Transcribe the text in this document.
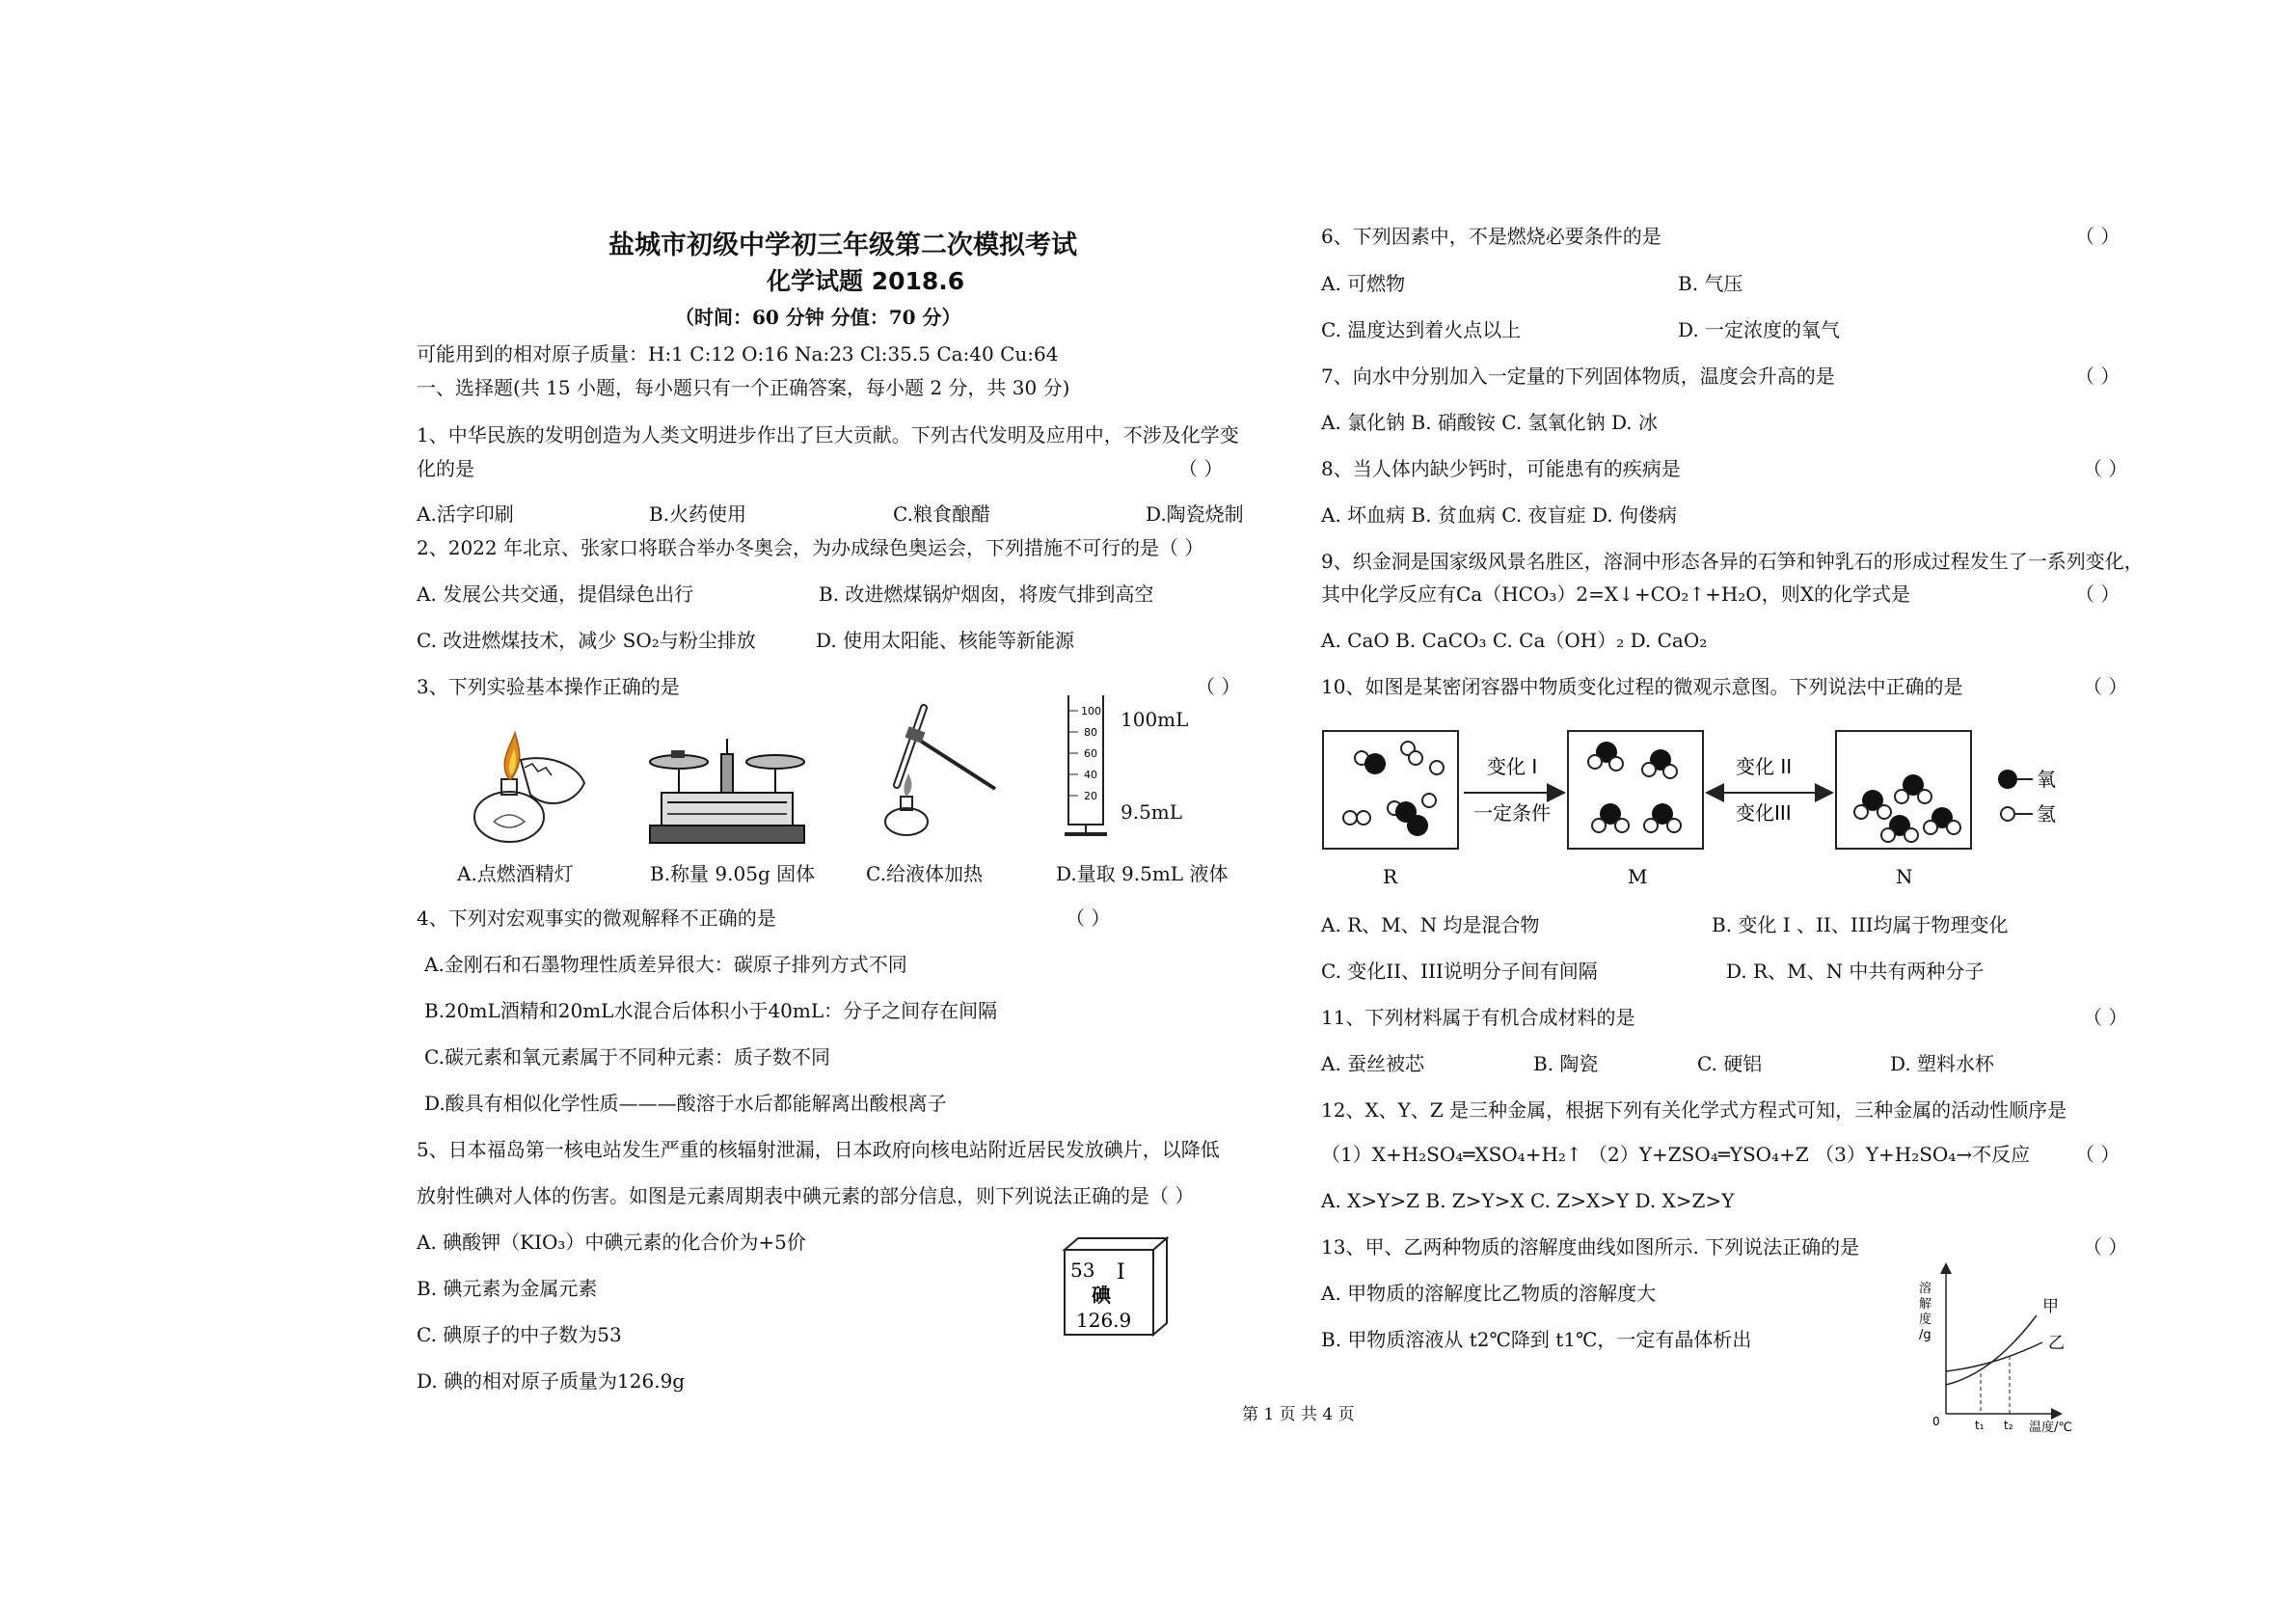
盐城市初级中学初三年级第二次模拟考试
化学试题 2018.6
（时间：60 分钟 分值：70 分）
可能用到的相对原子质量：H:1 C:12 O:16 Na:23 Cl:35.5 Ca:40 Cu:64
一、选择题(共 15 小题，每小题只有一个正确答案，每小题 2 分，共 30 分)
1、中华民族的发明创造为人类文明进步作出了巨大贡献。下列古代发明及应用中，不涉及化学变
化的是	（ ）
A.活字印刷	B.火药使用	C.粮食酿醋	D.陶瓷烧制
2、2022 年北京、张家口将联合举办冬奥会，为办成绿色奥运会，下列措施不可行的是（ ）
A. 发展公共交通，提倡绿色出行	B. 改进燃煤锅炉烟囱，将废气排到高空
C. 改进燃煤技术，减少 SO₂与粉尘排放	D. 使用太阳能、核能等新能源
3、下列实验基本操作正确的是	（ ）
100
80
60
40
20
100mL
9.5mL
A.点燃酒精灯	B.称量 9.05g 固体	C.给液体加热	D.量取 9.5mL 液体
4、下列对宏观事实的微观解释不正确的是	（ ）
A.金刚石和石墨物理性质差异很大：碳原子排列方式不同
B.20mL酒精和20mL水混合后体积小于40mL：分子之间存在间隔
C.碳元素和氧元素属于不同种元素：质子数不同
D.酸具有相似化学性质———酸溶于水后都能解离出酸根离子
5、日本福岛第一核电站发生严重的核辐射泄漏，日本政府向核电站附近居民发放碘片，以降低
放射性碘对人体的伤害。如图是元素周期表中碘元素的部分信息，则下列说法正确的是（ ）
A. 碘酸钾（KIO₃）中碘元素的化合价为+5价
B. 碘元素为金属元素
C. 碘原子的中子数为53
D. 碘的相对原子质量为126.9g
53 I
碘
126.9
第 1 页 共 4 页
6、下列因素中，不是燃烧必要条件的是	（ ）
A. 可燃物	B. 气压
C. 温度达到着火点以上	D. 一定浓度的氧气
7、向水中分别加入一定量的下列固体物质，温度会升高的是	（ ）
A. 氯化钠 B. 硝酸铵 C. 氢氧化钠 D. 冰
8、当人体内缺少钙时，可能患有的疾病是	（ ）
A. 坏血病 B. 贫血病 C. 夜盲症 D. 佝偻病
9、织金洞是国家级风景名胜区，溶洞中形态各异的石笋和钟乳石的形成过程发生了一系列变化，
其中化学反应有Ca（HCO₃）2=X↓+CO₂↑+H₂O，则X的化学式是	（ ）
A. CaO B. CaCO₃ C. Ca（OH）₂ D. CaO₂
10、如图是某密闭容器中物质变化过程的微观示意图。下列说法中正确的是	（ ）
变化 I
一定条件
变化 II
变化III
氧
氢
R	M	N
A. R、M、N 均是混合物	B. 变化 I 、II、III均属于物理变化
C. 变化II、III说明分子间有间隔	D. R、M、N 中共有两种分子
11、下列材料属于有机合成材料的是	（ ）
A. 蚕丝被芯	B. 陶瓷	C. 硬铝	D. 塑料水杯
12、X、Y、Z 是三种金属，根据下列有关化学式方程式可知，三种金属的活动性顺序是
（1）X+H₂SO₄═XSO₄+H₂↑ （2）Y+ZSO₄═YSO₄+Z （3）Y+H₂SO₄→不反应 （ ）
A. X>Y>Z B. Z>Y>X C. Z>X>Y D. X>Z>Y
13、甲、乙两种物质的溶解度曲线如图所示. 下列说法正确的是	（ ）
A. 甲物质的溶解度比乙物质的溶解度大
B. 甲物质溶液从 t2℃降到 t1℃，一定有晶体析出
溶
解
度
/g
甲
乙
0	t₁ t₂ 温度/℃
